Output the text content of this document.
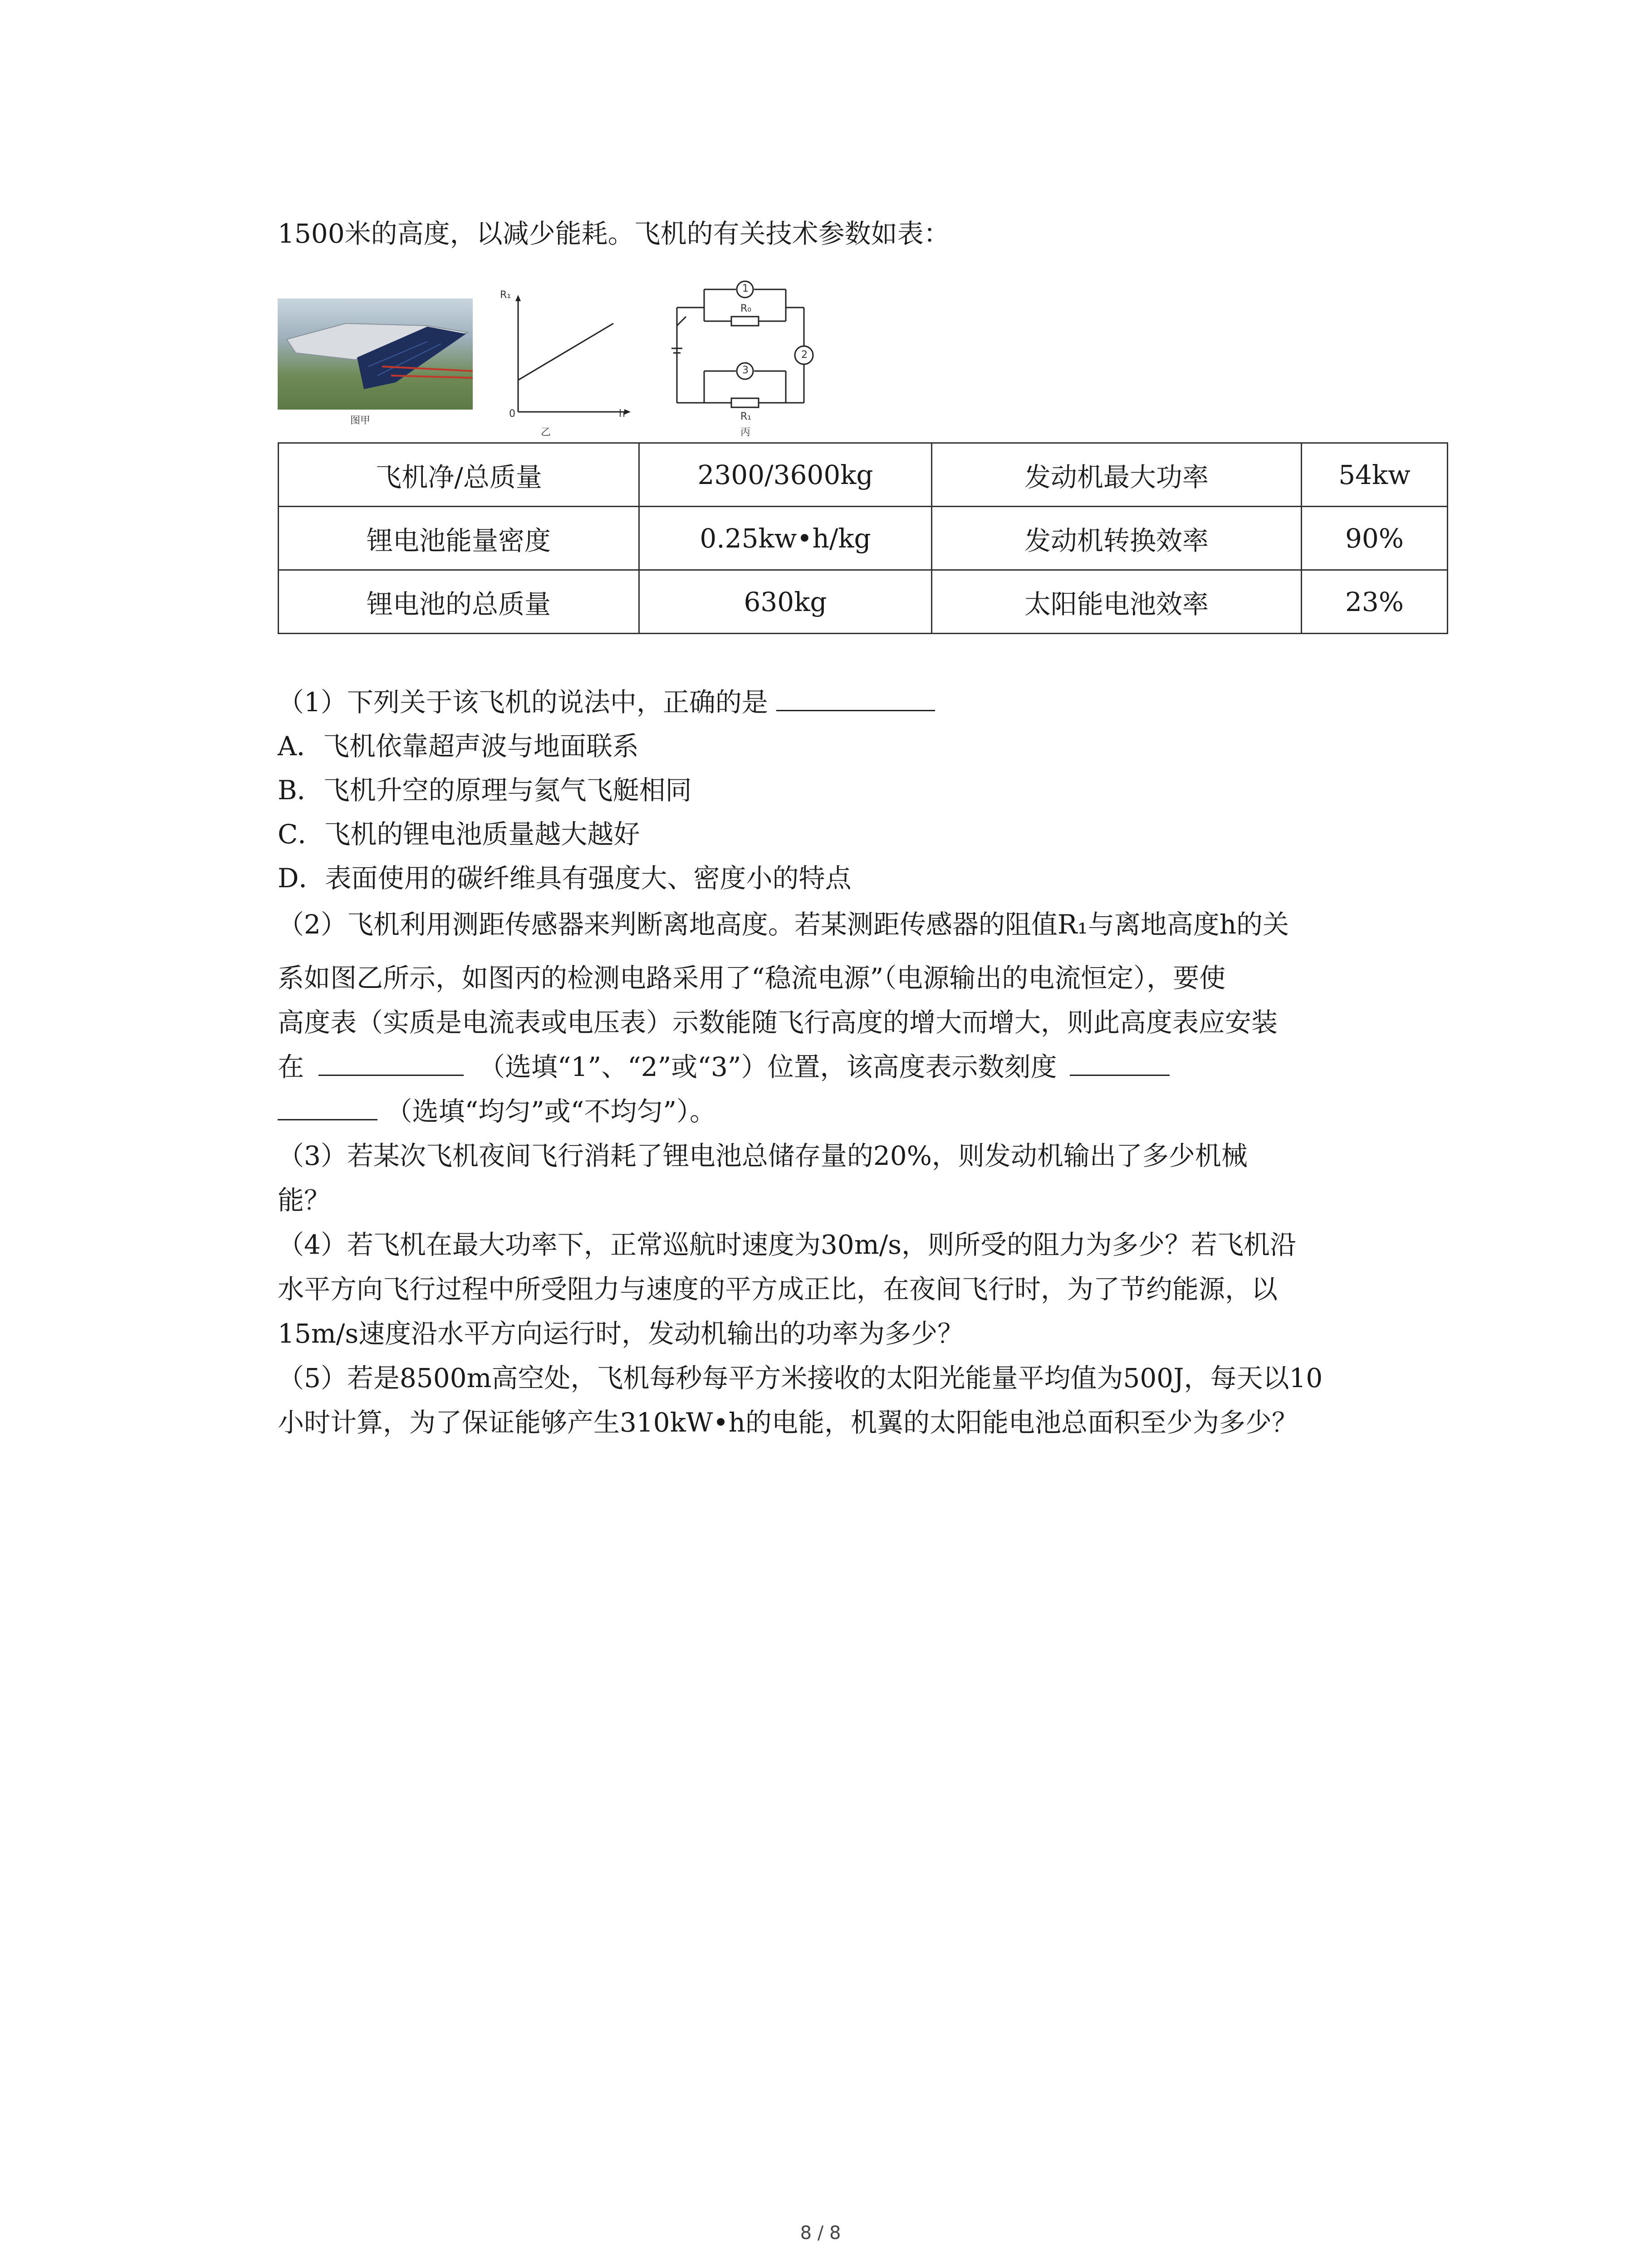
1500米的高度，以减少能耗。飞机的有关技术参数如表：
图甲
R₁
0	h
乙
1
2
3
R₀
R₁
丙
飞机净/总质量	2300/3600kg	发动机最大功率	54kw
锂电池能量密度	0.25kw•h/kg	发动机转换效率	90%
锂电池的总质量	630kg	太阳能电池效率	23%
（1）下列关于该飞机的说法中，正确的是
A．飞机依靠超声波与地面联系
B．飞机升空的原理与氦气飞艇相同
C．飞机的锂电池质量越大越好
D．表面使用的碳纤维具有强度大、密度小的特点
（2）飞机利用测距传感器来判断离地高度。若某测距传感器的阻值R₁与离地高度h的关
系如图乙所示，如图丙的检测电路采用了“稳流电源”（电源输出的电流恒定），要使
高度表（实质是电流表或电压表）示数能随飞行高度的增大而增大，则此高度表应安装
在	（选填“1”、“2”或“3”）位置，该高度表示数刻度
（选填“均匀”或“不均匀”）。
（3）若某次飞机夜间飞行消耗了锂电池总储存量的20%，则发动机输出了多少机械
能？
（4）若飞机在最大功率下，正常巡航时速度为30m/s，则所受的阻力为多少？若飞机沿
水平方向飞行过程中所受阻力与速度的平方成正比，在夜间飞行时，为了节约能源，以
15m/s速度沿水平方向运行时，发动机输出的功率为多少？
（5）若是8500m高空处，飞机每秒每平方米接收的太阳光能量平均值为500J，每天以10
小时计算，为了保证能够产生310kW•h的电能，机翼的太阳能电池总面积至少为多少？
8 / 8
